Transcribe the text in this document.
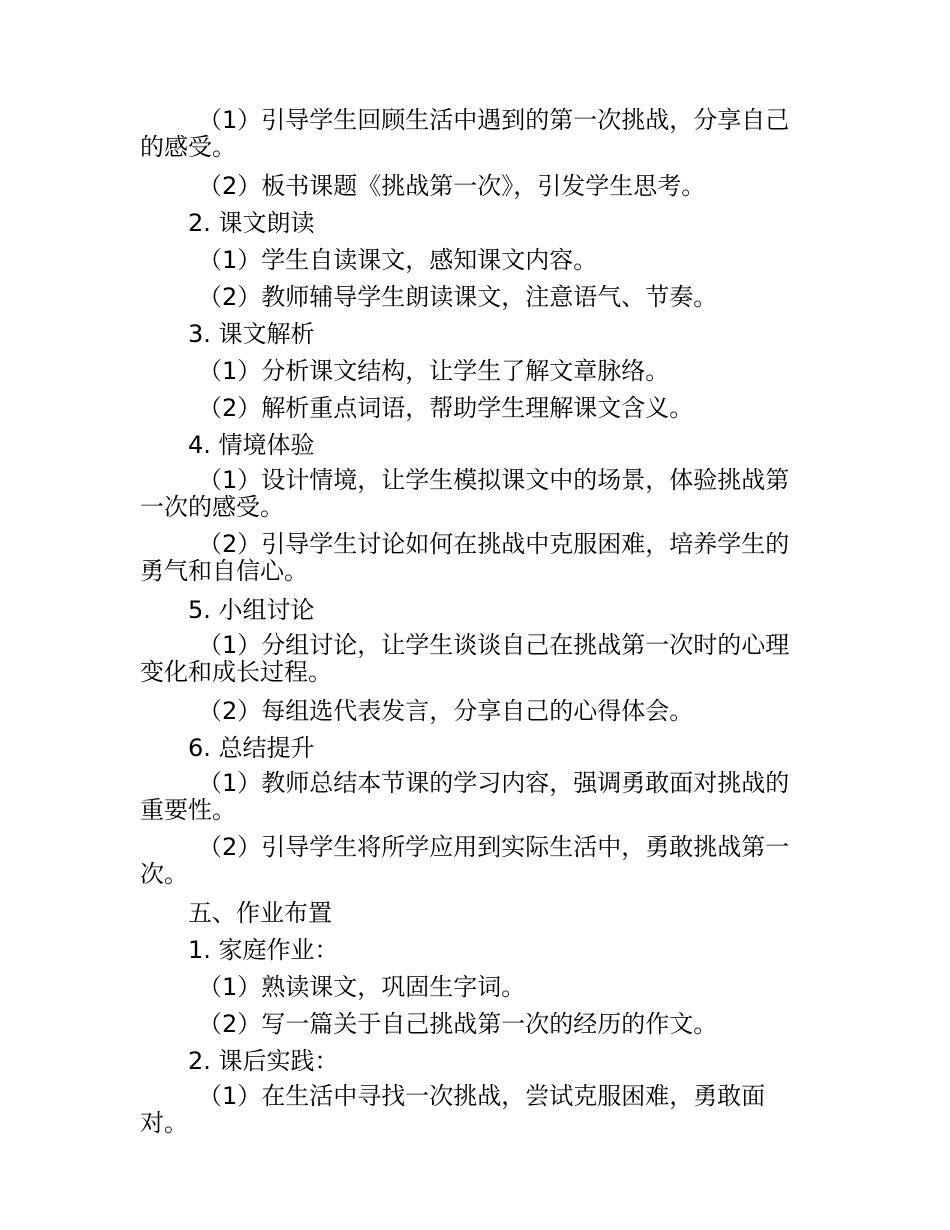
（1）引导学生回顾生活中遇到的第一次挑战，分享自己的感受。

（2）板书课题《挑战第一次》，引发学生思考。

2. 课文朗读

（1）学生自读课文，感知课文内容。

（2）教师辅导学生朗读课文，注意语气、节奏。

3. 课文解析

（1）分析课文结构，让学生了解文章脉络。

（2）解析重点词语，帮助学生理解课文含义。

4. 情境体验

（1）设计情境，让学生模拟课文中的场景，体验挑战第一次的感受。

（2）引导学生讨论如何在挑战中克服困难，培养学生的勇气和自信心。

5. 小组讨论

（1）分组讨论，让学生谈谈自己在挑战第一次时的心理变化和成长过程。

（2）每组选代表发言，分享自己的心得体会。

6. 总结提升

（1）教师总结本节课的学习内容，强调勇敢面对挑战的重要性。

（2）引导学生将所学应用到实际生活中，勇敢挑战第一次。

五、作业布置

1. 家庭作业：

（1）熟读课文，巩固生字词。

（2）写一篇关于自己挑战第一次的经历的作文。

2. 课后实践：

（1）在生活中寻找一次挑战，尝试克服困难，勇敢面对。
